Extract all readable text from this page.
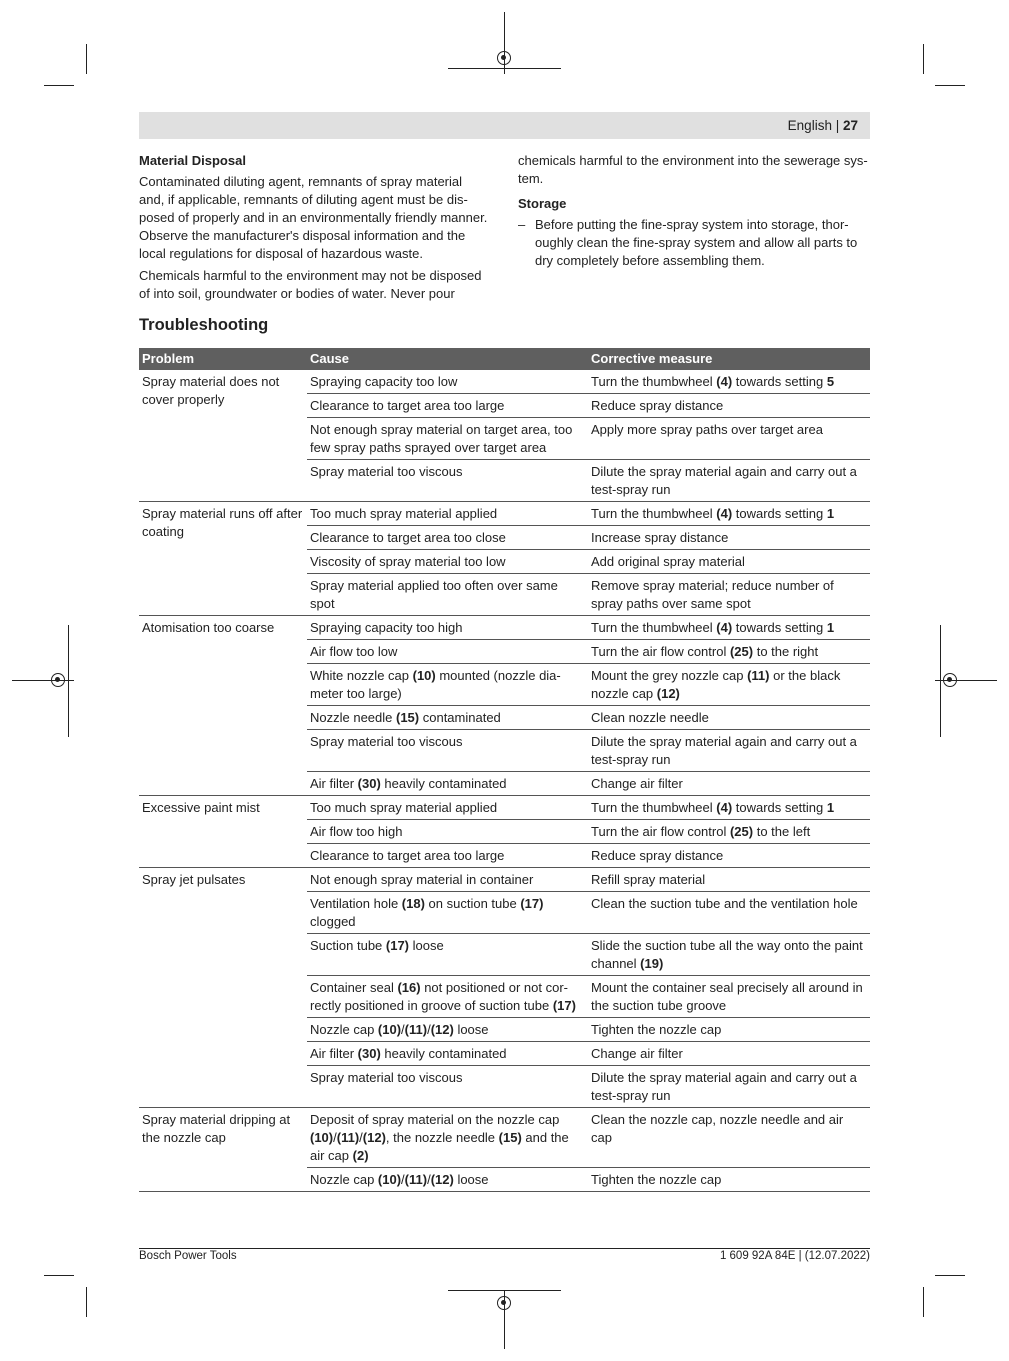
English | 27
Material Disposal

Contaminated diluting agent, remnants of spray material and, if applicable, remnants of diluting agent must be disposed of properly and in an environmentally friendly manner. Observe the manufacturer's disposal information and the local regulations for disposal of hazardous waste.

Chemicals harmful to the environment may not be disposed of into soil, groundwater or bodies of water. Never pour

chemicals harmful to the environment into the sewerage system.

Storage
– Before putting the fine-spray system into storage, thoroughly clean the fine-spray system and allow all parts to dry completely before assembling them.
Troubleshooting
Problem	Cause	Corrective measure
Spray material does not cover properly	Spraying capacity too low	Turn the thumbwheel (4) towards setting 5
	Clearance to target area too large	Reduce spray distance
	Not enough spray material on target area, too few spray paths sprayed over target area	Apply more spray paths over target area
	Spray material too viscous	Dilute the spray material again and carry out a test-spray run
Spray material runs off after coating	Too much spray material applied	Turn the thumbwheel (4) towards setting 1
	Clearance to target area too close	Increase spray distance
	Viscosity of spray material too low	Add original spray material
	Spray material applied too often over same spot	Remove spray material; reduce number of spray paths over same spot
Atomisation too coarse	Spraying capacity too high	Turn the thumbwheel (4) towards setting 1
	Air flow too low	Turn the air flow control (25) to the right
	White nozzle cap (10) mounted (nozzle diameter too large)	Mount the grey nozzle cap (11) or the black nozzle cap (12)
	Nozzle needle (15) contaminated	Clean nozzle needle
	Spray material too viscous	Dilute the spray material again and carry out a test-spray run
	Air filter (30) heavily contaminated	Change air filter
Excessive paint mist	Too much spray material applied	Turn the thumbwheel (4) towards setting 1
	Air flow too high	Turn the air flow control (25) to the left
	Clearance to target area too large	Reduce spray distance
Spray jet pulsates	Not enough spray material in container	Refill spray material
	Ventilation hole (18) on suction tube (17) clogged	Clean the suction tube and the ventilation hole
	Suction tube (17) loose	Slide the suction tube all the way onto the paint channel (19)
	Container seal (16) not positioned or not correctly positioned in groove of suction tube (17)	Mount the container seal precisely all around in the suction tube groove
	Nozzle cap (10)/(11)/(12) loose	Tighten the nozzle cap
	Air filter (30) heavily contaminated	Change air filter
	Spray material too viscous	Dilute the spray material again and carry out a test-spray run
Spray material dripping at the nozzle cap	Deposit of spray material on the nozzle cap (10)/(11)/(12), the nozzle needle (15) and the air cap (2)	Clean the nozzle cap, nozzle needle and air cap
	Nozzle cap (10)/(11)/(12) loose	Tighten the nozzle cap
Bosch Power Tools	1 609 92A 84E | (12.07.2022)
